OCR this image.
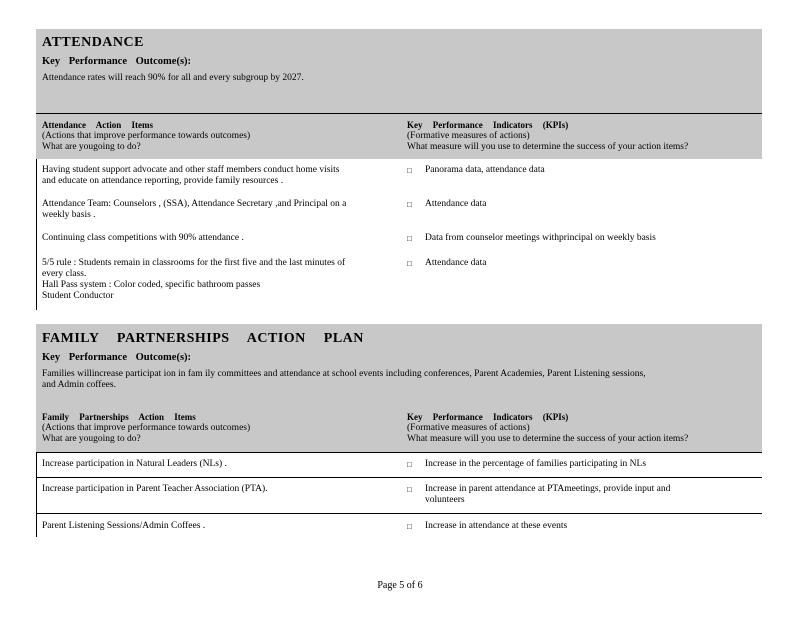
ATTENDANCE
Key Performance Outcome(s):
Attendance rates will reach 90% for all and every subgroup by 2027.
Attendance Action Items
(Actions that improve performance towards outcomes)
What are yougoing to do?
Key Performance Indicators (KPIs)
(Formative measures of actions)
What measure will you use to determine the success of your action items?
Having student support advocate and other staff members conduct home visits
and educate on attendance reporting, provide family resources .
□	Panorama data, attendance data
Attendance Team: Counselors , (SSA), Attendance Secretary ,and Principal on a
weekly basis .
□	Attendance data
Continuing class competitions with 90% attendance .	□	Data from counselor meetings withprincipal on weekly basis
5/5 rule : Students remain in classrooms for the first five and the last minutes of
every class.
Hall Pass system : Color coded, specific bathroom passes
Student Conductor
□	Attendance data
FAMILY PARTNERSHIPS ACTION PLAN
Key Performance Outcome(s):
Families willincrease participat ion in fam ily committees and attendance at school events including conferences, Parent Academies, Parent Listening sessions,
and Admin coffees.
Family Partnerships Action Items
(Actions that improve performance towards outcomes)
What are yougoing to do?
Key Performance Indicators (KPIs)
(Formative measures of actions)
What measure will you use to determine the success of your action items?
Increase participation in Natural Leaders (NLs) .	□	Increase in the percentage of families participating in NLs
Increase participation in Parent Teacher Association (PTA).	□	Increase in parent attendance at PTAmeetings, provide input and
volunteers
Parent Listening Sessions/Admin Coffees .	□	Increase in attendance at these events
Page 5 of 6
